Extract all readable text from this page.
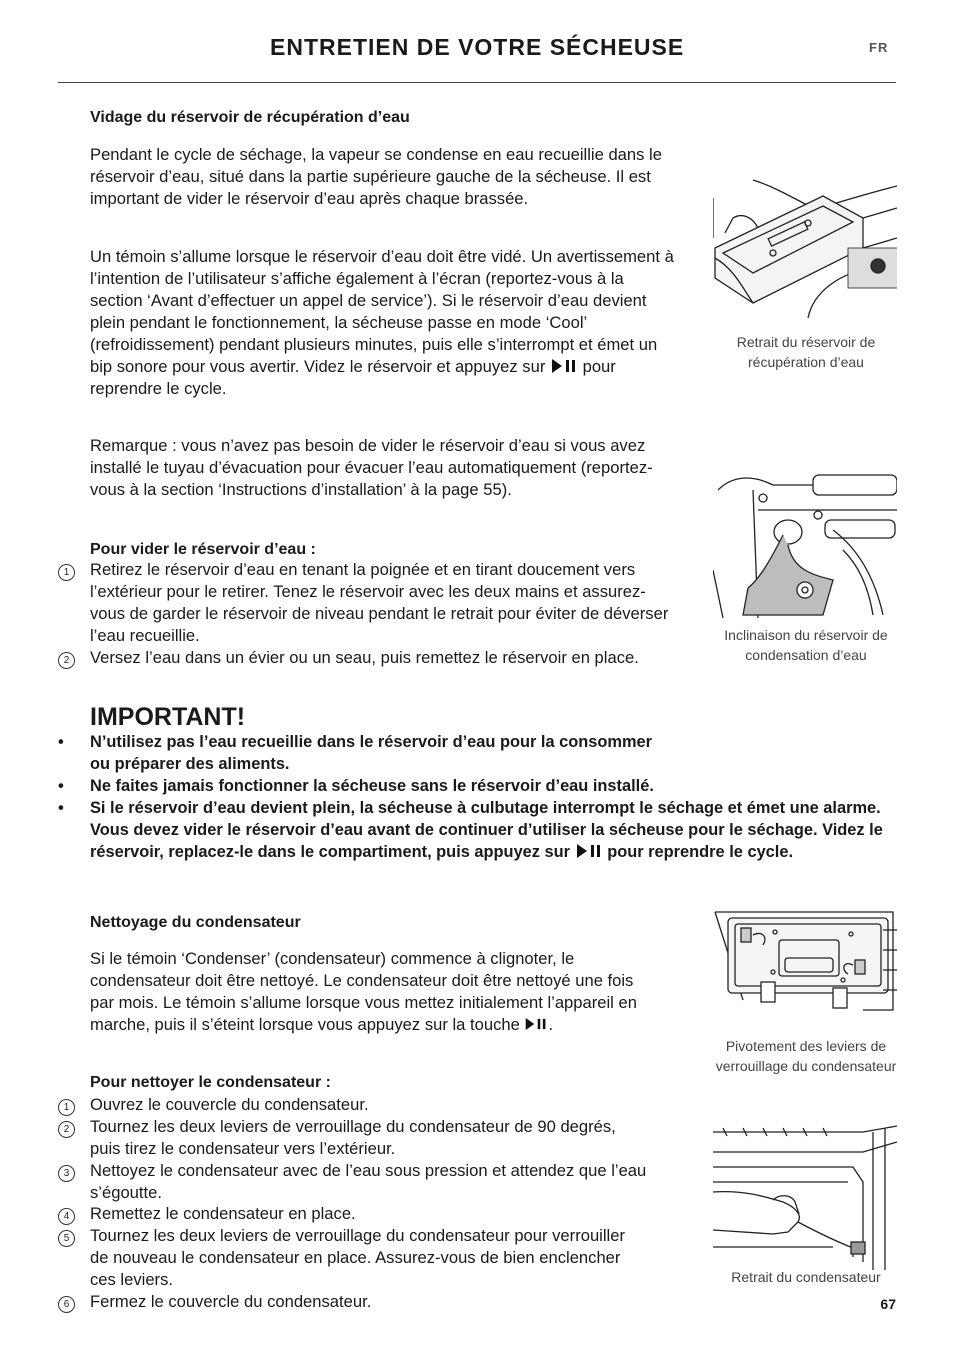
ENTRETIEN DE VOTRE SÉCHEUSE	FR
Vidage du réservoir de récupération d’eau
Pendant le cycle de séchage, la vapeur se condense en eau recueillie dans le réservoir d’eau, situé dans la partie supérieure gauche de la sécheuse. Il est important de vider le réservoir d’eau après chaque brassée.
Un témoin s’allume lorsque le réservoir d’eau doit être vidé. Un avertissement à l’intention de l’utilisateur s’affiche également à l’écran (reportez-vous à la section ‘Avant d’effectuer un appel de service’). Si le réservoir d’eau devient plein pendant le fonctionnement, la sécheuse passe en mode ‘Cool’ (refroidissement) pendant plusieurs minutes, puis elle s’interrompt et émet un bip sonore pour vous avertir. Videz le réservoir et appuyez sur pour reprendre le cycle.
Remarque : vous n’avez pas besoin de vider le réservoir d’eau si vous avez installé le tuyau d’évacuation pour évacuer l’eau automatiquement (reportez-vous à la section ‘Instructions d’installation’ à la page 55).
Pour vider le réservoir d’eau :
1	Retirez le réservoir d’eau en tenant la poignée et en tirant doucement vers l’extérieur pour le retirer. Tenez le réservoir avec les deux mains et assurez-vous de garder le réservoir de niveau pendant le retrait pour éviter de déverser l’eau recueillie.
2	Versez l’eau dans un évier ou un seau, puis remettez le réservoir en place.
IMPORTANT!
• N’utilisez pas l’eau recueillie dans le réservoir d’eau pour la consommer ou préparer des aliments.
• Ne faites jamais fonctionner la sécheuse sans le réservoir d’eau installé.
• Si le réservoir d’eau devient plein, la sécheuse à culbutage interrompt le séchage et émet une alarme. Vous devez vider le réservoir d’eau avant de continuer d’utiliser la sécheuse pour le séchage. Videz le réservoir, replacez-le dans le compartiment, puis appuyez sur pour reprendre le cycle.
Nettoyage du condensateur
Si le témoin ‘Condenser’ (condensateur) commence à clignoter, le condensateur doit être nettoyé. Le condensateur doit être nettoyé une fois par mois. Le témoin s’allume lorsque vous mettez initialement l’appareil en marche, puis il s’éteint lorsque vous appuyez sur la touche .
Pour nettoyer le condensateur :
1	Ouvrez le couvercle du condensateur.
2	Tournez les deux leviers de verrouillage du condensateur de 90 degrés, puis tirez le condensateur vers l’extérieur.
3	Nettoyez le condensateur avec de l’eau sous pression et attendez que l’eau s’égoutte.
4	Remettez le condensateur en place.
5	Tournez les deux leviers de verrouillage du condensateur pour verrouiller de nouveau le condensateur en place. Assurez-vous de bien enclencher ces leviers.
6	Fermez le couvercle du condensateur.
Retrait du réservoir de récupération d’eau
Inclinaison du réservoir de condensation d’eau
Pivotement des leviers de verrouillage du condensateur
Retrait du condensateur
67
